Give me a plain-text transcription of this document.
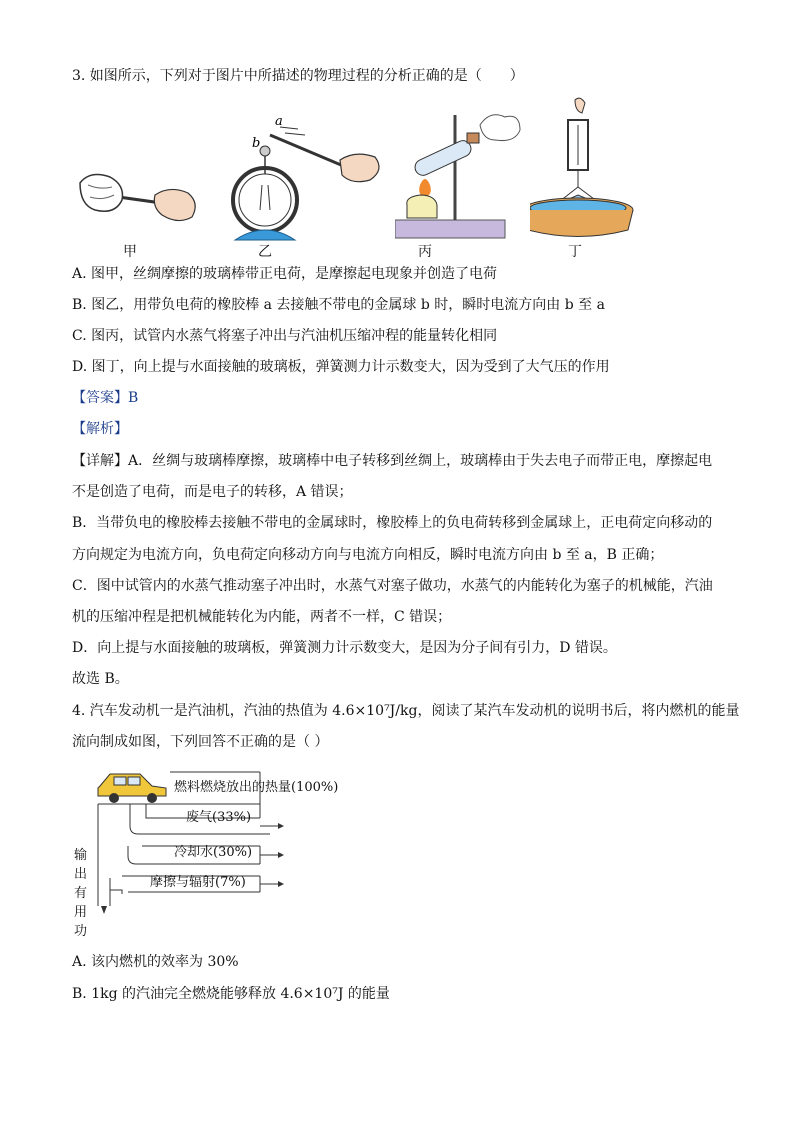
3. 如图所示，下列对于图片中所描述的物理过程的分析正确的是（　　）
甲
b
a
乙	丙	丁
A. 图甲，丝绸摩擦的玻璃棒带正电荷，是摩擦起电现象并创造了电荷
B. 图乙，用带负电荷的橡胶棒 a 去接触不带电的金属球 b 时，瞬时电流方向由 b 至 a
C. 图丙，试管内水蒸气将塞子冲出与汽油机压缩冲程的能量转化相同
D. 图丁，向上提与水面接触的玻璃板，弹簧测力计示数变大，因为受到了大气压的作用
【答案】B
【解析】
【详解】A．丝绸与玻璃棒摩擦，玻璃棒中电子转移到丝绸上，玻璃棒由于失去电子而带正电，摩擦起电
不是创造了电荷，而是电子的转移，A 错误；
B．当带负电的橡胶棒去接触不带电的金属球时，橡胶棒上的负电荷转移到金属球上，正电荷定向移动的
方向规定为电流方向，负电荷定向移动方向与电流方向相反，瞬时电流方向由 b 至 a，B 正确；
C．图中试管内的水蒸气推动塞子冲出时，水蒸气对塞子做功，水蒸气的内能转化为塞子的机械能，汽油
机的压缩冲程是把机械能转化为内能，两者不一样，C 错误；
D．向上提与水面接触的玻璃板，弹簧测力计示数变大，是因为分子间有引力，D 错误。
故选 B。
4. 汽车发动机一是汽油机，汽油的热值为 4.6×10⁷J/kg，阅读了某汽车发动机的说明书后，将内燃机的能量
流向制成如图，下列回答不正确的是（ ）
燃料燃烧放出的热量(100%)
废气(33%)
冷却水(30%)
摩擦与辐射(7%)
输
出
有
用
功
A. 该内燃机的效率为 30%
B. 1kg 的汽油完全燃烧能够释放 4.6×10⁷J 的能量
